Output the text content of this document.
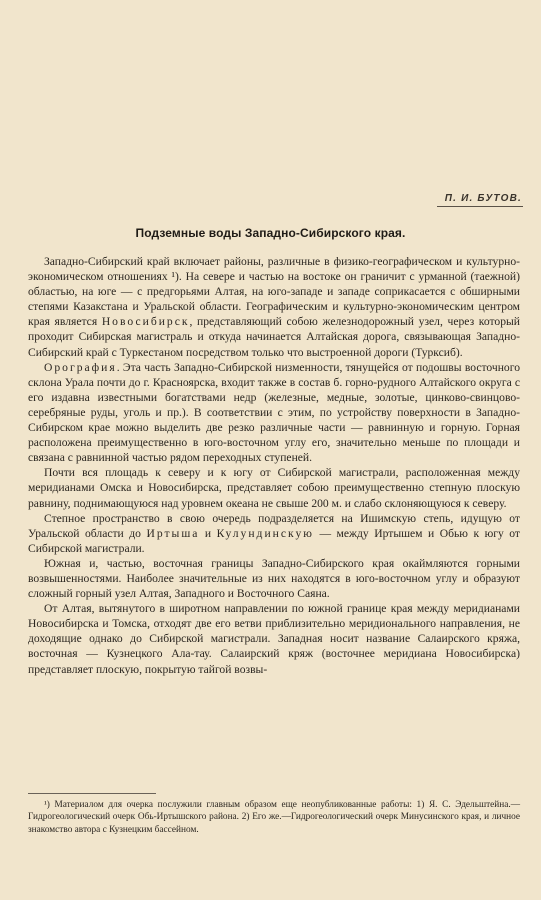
П. И. БУТОВ.
Подземные воды Западно-Сибирского края.

Западно-Сибирский край включает районы, различные в физико-географическом и культурно-экономическом отношениях ¹). На севере и частью на востоке он граничит с урманной (таежной) областью, на юге — с предгорьями Алтая, на юго-западе и западе соприкасается с обширными степями Казакстана и Уральской области. Географическим и культурно-экономическим центром края является Новосибирск, представляющий собою железнодорожный узел, через который проходит Сибирская магистраль и откуда начинается Алтайская дорога, связывающая Западно-Сибирский край с Туркестаном посредством только что выстроенной дороги (Турксиб).

Орография. Эта часть Западно-Сибирской низменности, тянущейся от подошвы восточного склона Урала почти до г. Красноярска, входит также в состав б. горно-рудного Алтайского округа с его издавна известными богатствами недр (железные, медные, золотые, цинково-свинцово-серебряные руды, уголь и пр.). В соответствии с этим, по устройству поверхности в Западно-Сибирском крае можно выделить две резко различные части — равнинную и горную. Горная расположена преимущественно в юго-восточном углу его, значительно меньше по площади и связана с равнинной частью рядом переходных ступеней.

Почти вся площадь к северу и к югу от Сибирской магистрали, расположенная между меридианами Омска и Новосибирска, представляет собою преимущественно степную плоскую равнину, поднимающуюся над уровнем океана не свыше 200 м. и слабо склоняющуюся к северу.

Степное пространство в свою очередь подразделяется на Ишимскую степь, идущую от Уральской области до Иртыша и Кулундинскую — между Иртышем и Обью к югу от Сибирской магистрали.

Южная и, частью, восточная границы Западно-Сибирского края окаймляются горными возвышенностями. Наиболее значительные из них находятся в юго-восточном углу и образуют сложный горный узел Алтая, Западного и Восточного Саяна.

От Алтая, вытянутого в широтном направлении по южной границе края между меридианами Новосибирска и Томска, отходят две его ветви приблизительно меридионального направления, не доходящие однако до Сибирской магистрали. Западная носит название Салаирского кряжа, восточная — Кузнецкого Ала-тау. Салаирский кряж (восточнее меридиана Новосибирска) представляет плоскую, покрытую тайгой возвы-

¹) Материалом для очерка послужили главным образом еще неопубликованные работы: 1) Я. С. Эдельштейна.—Гидрогеологический очерк Обь-Иртышского района. 2) Его же.—Гидрогеологический очерк Минусинского края, и личное знакомство автора с Кузнецким бассейном.
